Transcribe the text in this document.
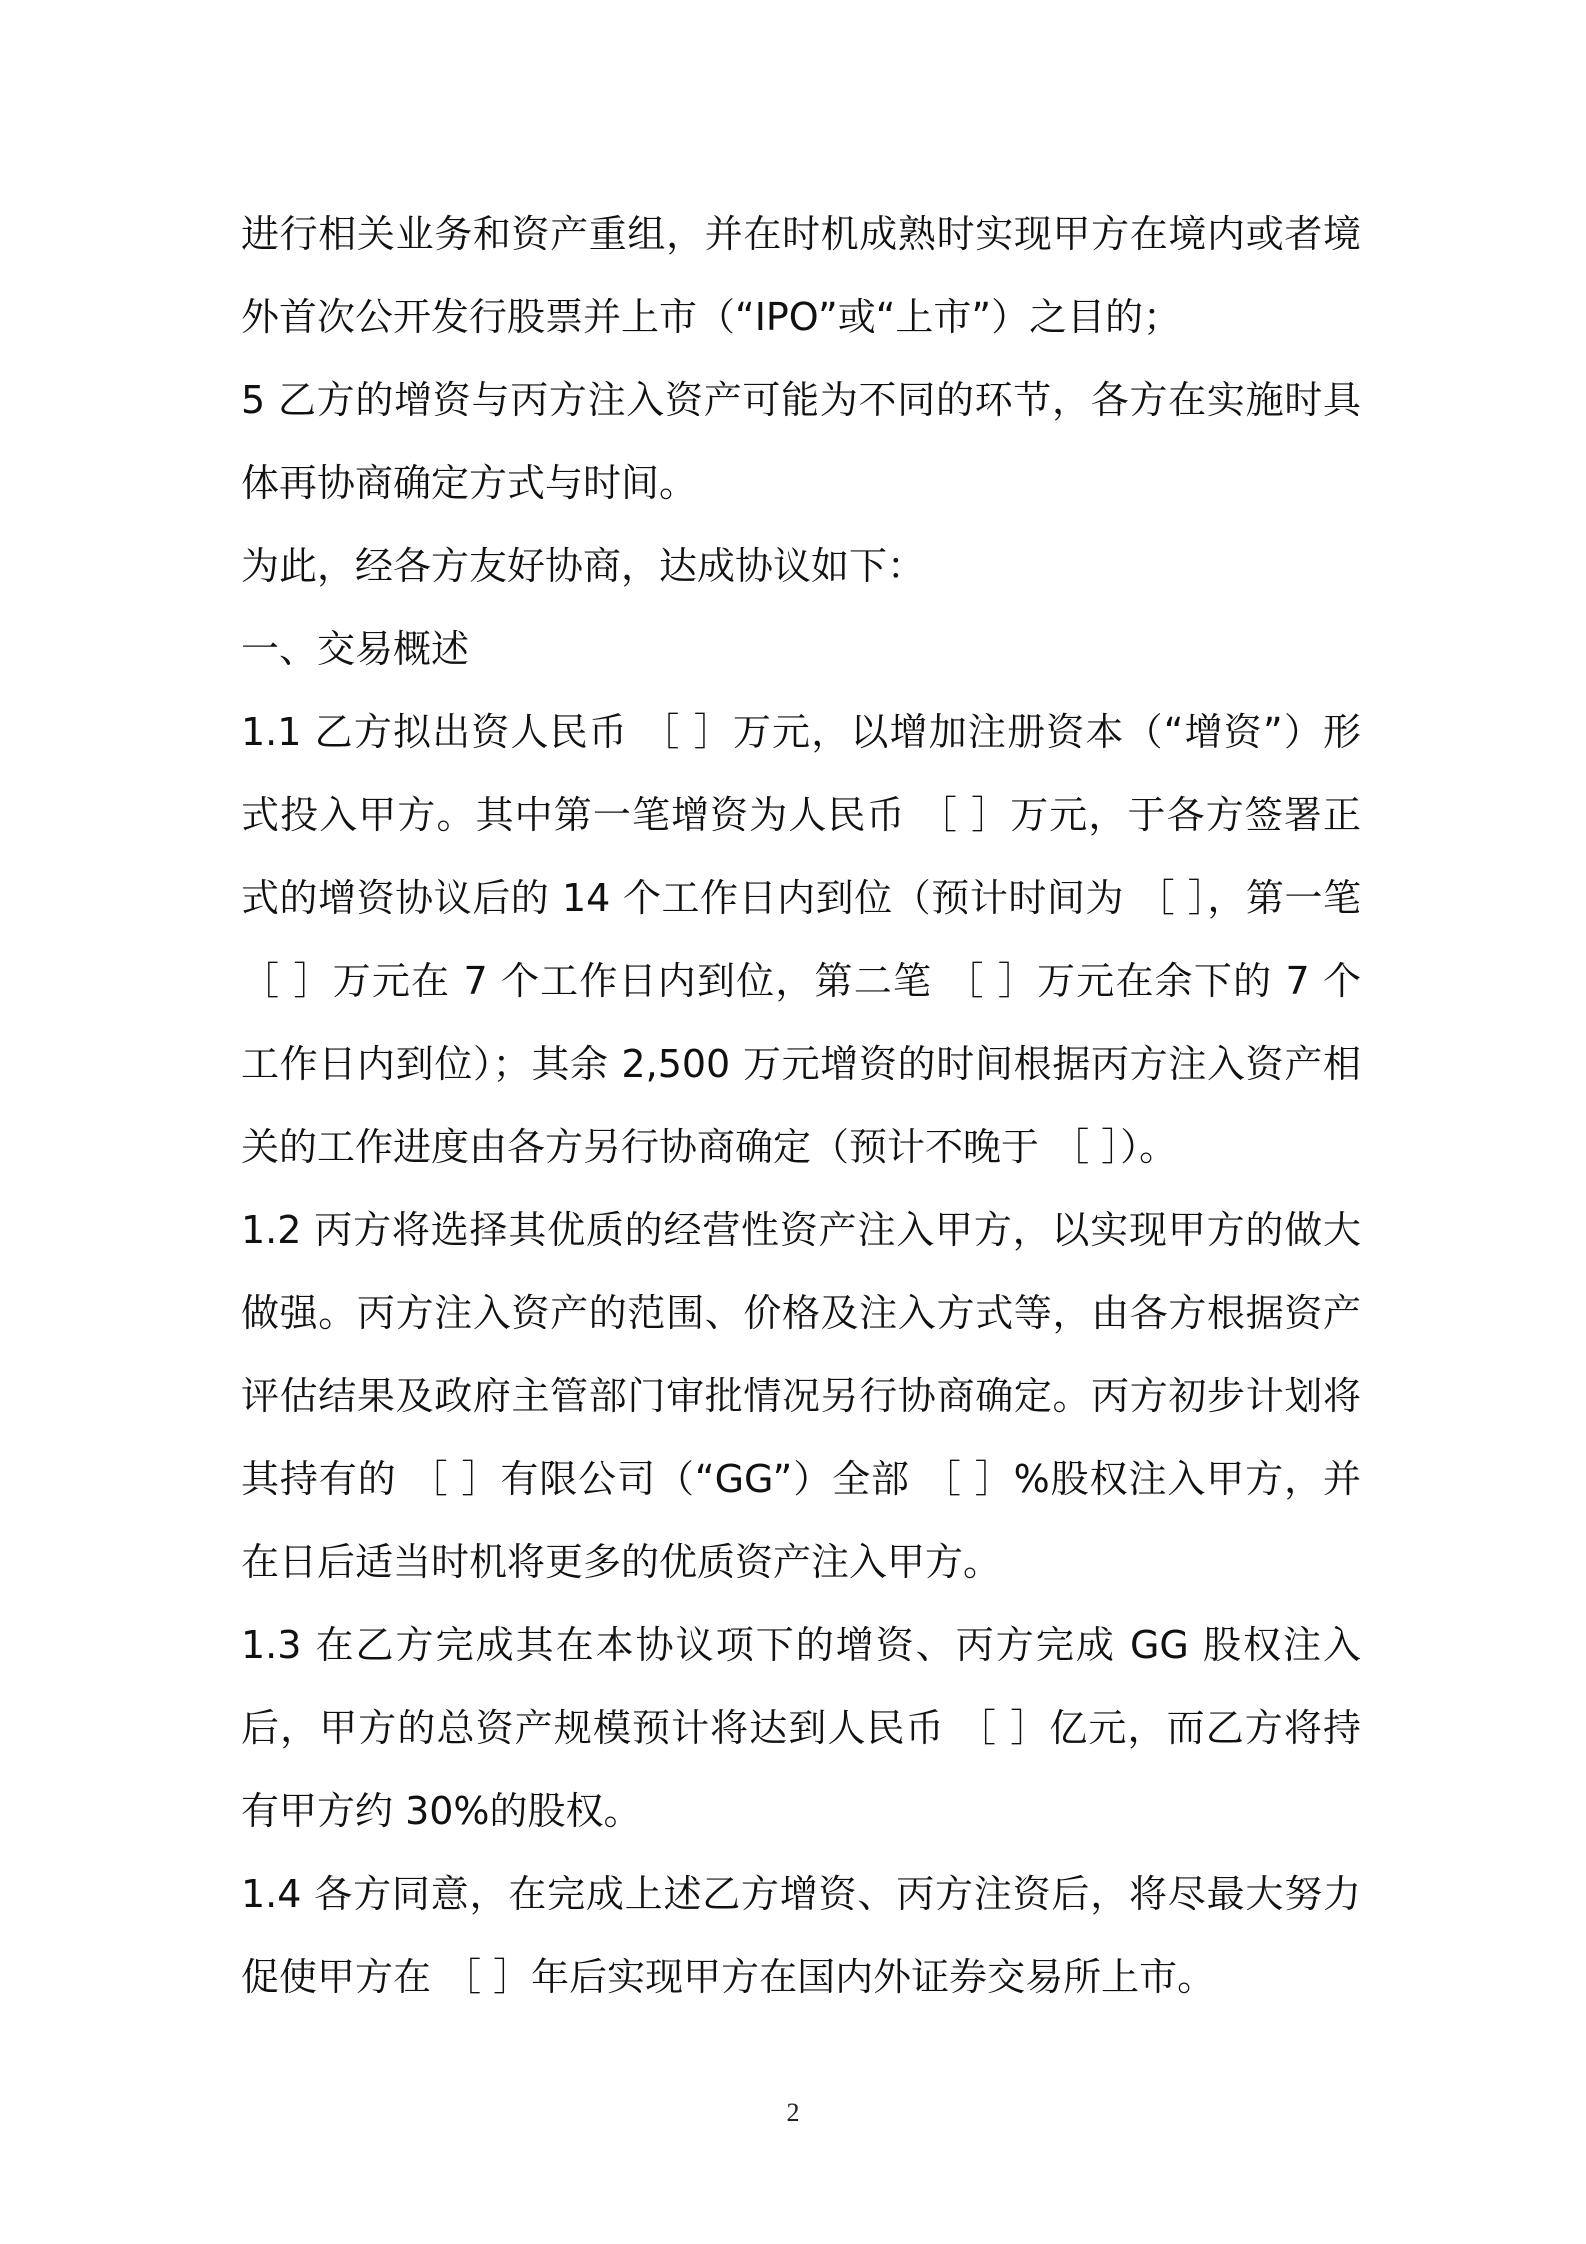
进行相关业务和资产重组，并在时机成熟时实现甲方在境内或者境外首次公开发行股票并上市（“IPO”或“上市”）之目的；

5 乙方的增资与丙方注入资产可能为不同的环节，各方在实施时具体再协商确定方式与时间。

为此，经各方友好协商，达成协议如下：

一、交易概述

1.1 乙方拟出资人民币 ［ ］万元，以增加注册资本（“增资”）形式投入甲方。其中第一笔增资为人民币 ［ ］万元，于各方签署正式的增资协议后的 14 个工作日内到位（预计时间为 ［ ］，第一笔 ［ ］万元在 7 个工作日内到位，第二笔 ［ ］万元在余下的 7 个工作日内到位）；其余 2,500 万元增资的时间根据丙方注入资产相关的工作进度由各方另行协商确定（预计不晚于 ［ ］）。

1.2 丙方将选择其优质的经营性资产注入甲方，以实现甲方的做大做强。丙方注入资产的范围、价格及注入方式等，由各方根据资产评估结果及政府主管部门审批情况另行协商确定。丙方初步计划将其持有的 ［ ］有限公司（“GG”）全部 ［ ］%股权注入甲方，并在日后适当时机将更多的优质资产注入甲方。

1.3 在乙方完成其在本协议项下的增资、丙方完成 GG 股权注入后，甲方的总资产规模预计将达到人民币 ［ ］亿元，而乙方将持有甲方约 30%的股权。

1.4 各方同意，在完成上述乙方增资、丙方注资后，将尽最大努力促使甲方在 ［ ］年后实现甲方在国内外证券交易所上市。

2
